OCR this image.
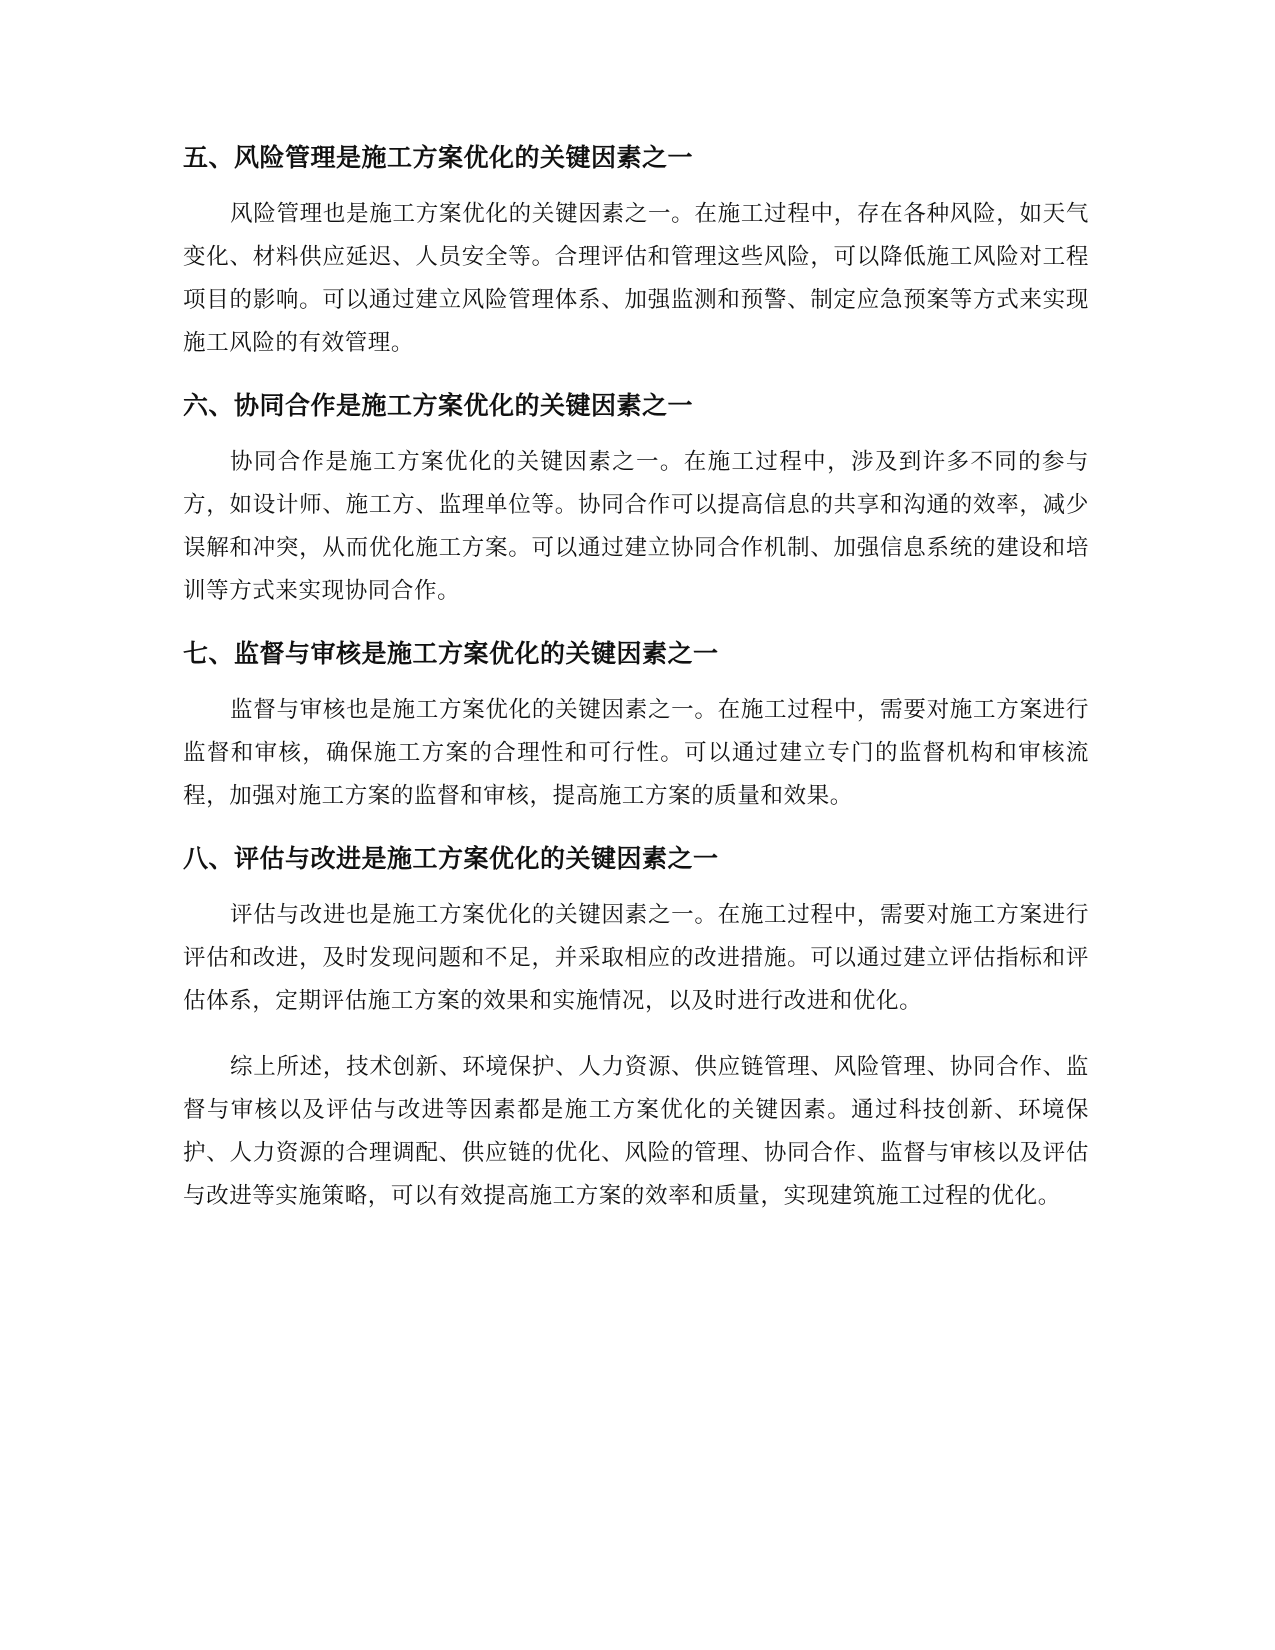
五、风险管理是施工方案优化的关键因素之一

风险管理也是施工方案优化的关键因素之一。在施工过程中，存在各种风险，如天气变化、材料供应延迟、人员安全等。合理评估和管理这些风险，可以降低施工风险对工程项目的影响。可以通过建立风险管理体系、加强监测和预警、制定应急预案等方式来实现施工风险的有效管理。

六、协同合作是施工方案优化的关键因素之一

协同合作是施工方案优化的关键因素之一。在施工过程中，涉及到许多不同的参与方，如设计师、施工方、监理单位等。协同合作可以提高信息的共享和沟通的效率，减少误解和冲突，从而优化施工方案。可以通过建立协同合作机制、加强信息系统的建设和培训等方式来实现协同合作。

七、监督与审核是施工方案优化的关键因素之一

监督与审核也是施工方案优化的关键因素之一。在施工过程中，需要对施工方案进行监督和审核，确保施工方案的合理性和可行性。可以通过建立专门的监督机构和审核流程，加强对施工方案的监督和审核，提高施工方案的质量和效果。

八、评估与改进是施工方案优化的关键因素之一

评估与改进也是施工方案优化的关键因素之一。在施工过程中，需要对施工方案进行评估和改进，及时发现问题和不足，并采取相应的改进措施。可以通过建立评估指标和评估体系，定期评估施工方案的效果和实施情况，以及时进行改进和优化。

综上所述，技术创新、环境保护、人力资源、供应链管理、风险管理、协同合作、监督与审核以及评估与改进等因素都是施工方案优化的关键因素。通过科技创新、环境保护、人力资源的合理调配、供应链的优化、风险的管理、协同合作、监督与审核以及评估与改进等实施策略，可以有效提高施工方案的效率和质量，实现建筑施工过程的优化。
